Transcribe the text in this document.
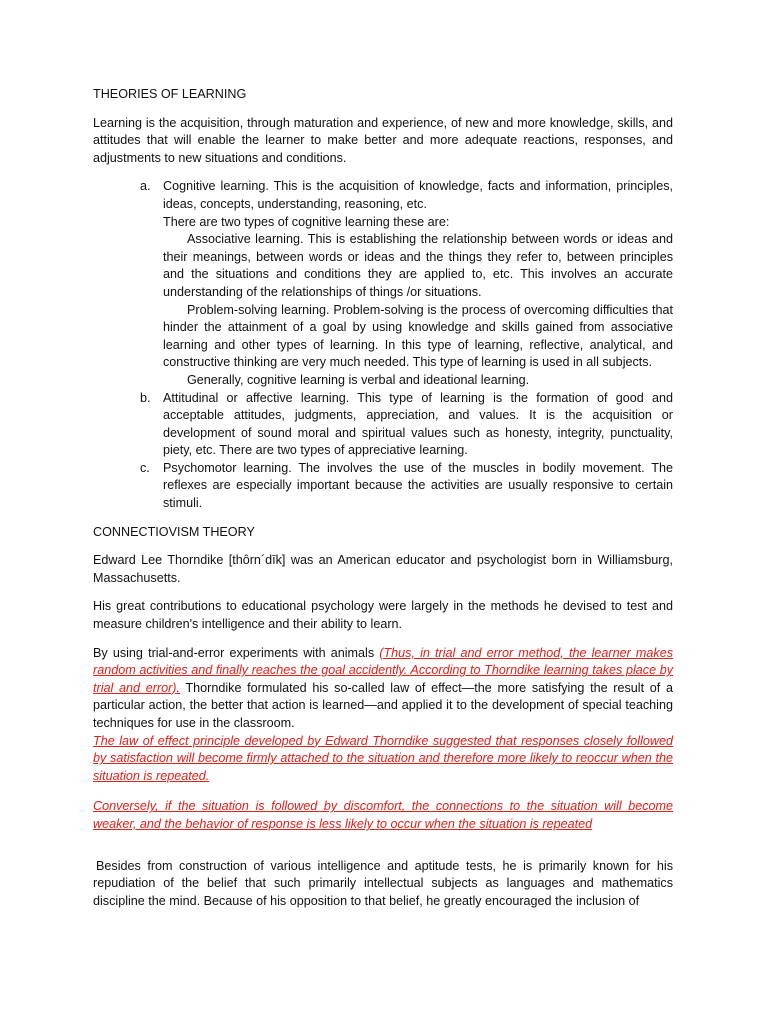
THEORIES OF LEARNING

Learning is the acquisition, through maturation and experience, of new and more knowledge, skills, and attitudes that will enable the learner to make better and more adequate reactions, responses, and adjustments to new situations and conditions.

a. Cognitive learning. This is the acquisition of knowledge, facts and information, principles, ideas, concepts, understanding, reasoning, etc.

There are two types of cognitive learning these are:

Associative learning. This is establishing the relationship between words or ideas and their meanings, between words or ideas and the things they refer to, between principles and the situations and conditions they are applied to, etc. This involves an accurate understanding of the relationships of things /or situations.

Problem-solving learning. Problem-solving is the process of overcoming difficulties that hinder the attainment of a goal by using knowledge and skills gained from associative learning and other types of learning. In this type of learning, reflective, analytical, and constructive thinking are very much needed. This type of learning is used in all subjects.

Generally, cognitive learning is verbal and ideational learning.

b. Attitudinal or affective learning. This type of learning is the formation of good and acceptable attitudes, judgments, appreciation, and values. It is the acquisition or development of sound moral and spiritual values such as honesty, integrity, punctuality, piety, etc. There are two types of appreciative learning.

c. Psychomotor learning. The involves the use of the muscles in bodily movement. The reflexes are especially important because the activities are usually responsive to certain stimuli.

CONNECTIOVISM THEORY

Edward Lee Thorndike [thôrn´dīk] was an American educator and psychologist born in Williamsburg, Massachusetts.

His great contributions to educational psychology were largely in the methods he devised to test and measure children's intelligence and their ability to learn.

By using trial-and-error experiments with animals (Thus, in trial and error method, the learner makes random activities and finally reaches the goal accidently. According to Thorndike learning takes place by trial and error). Thorndike formulated his so-called law of effect—the more satisfying the result of a particular action, the better that action is learned—and applied it to the development of special teaching techniques for use in the classroom.

The law of effect principle developed by Edward Thorndike suggested that responses closely followed by satisfaction will become firmly attached to the situation and therefore more likely to reoccur when the situation is repeated.

Conversely, if the situation is followed by discomfort, the connections to the situation will become weaker, and the behavior of response is less likely to occur when the situation is repeated

Besides from construction of various intelligence and aptitude tests, he is primarily known for his repudiation of the belief that such primarily intellectual subjects as languages and mathematics discipline the mind. Because of his opposition to that belief, he greatly encouraged the inclusion of
